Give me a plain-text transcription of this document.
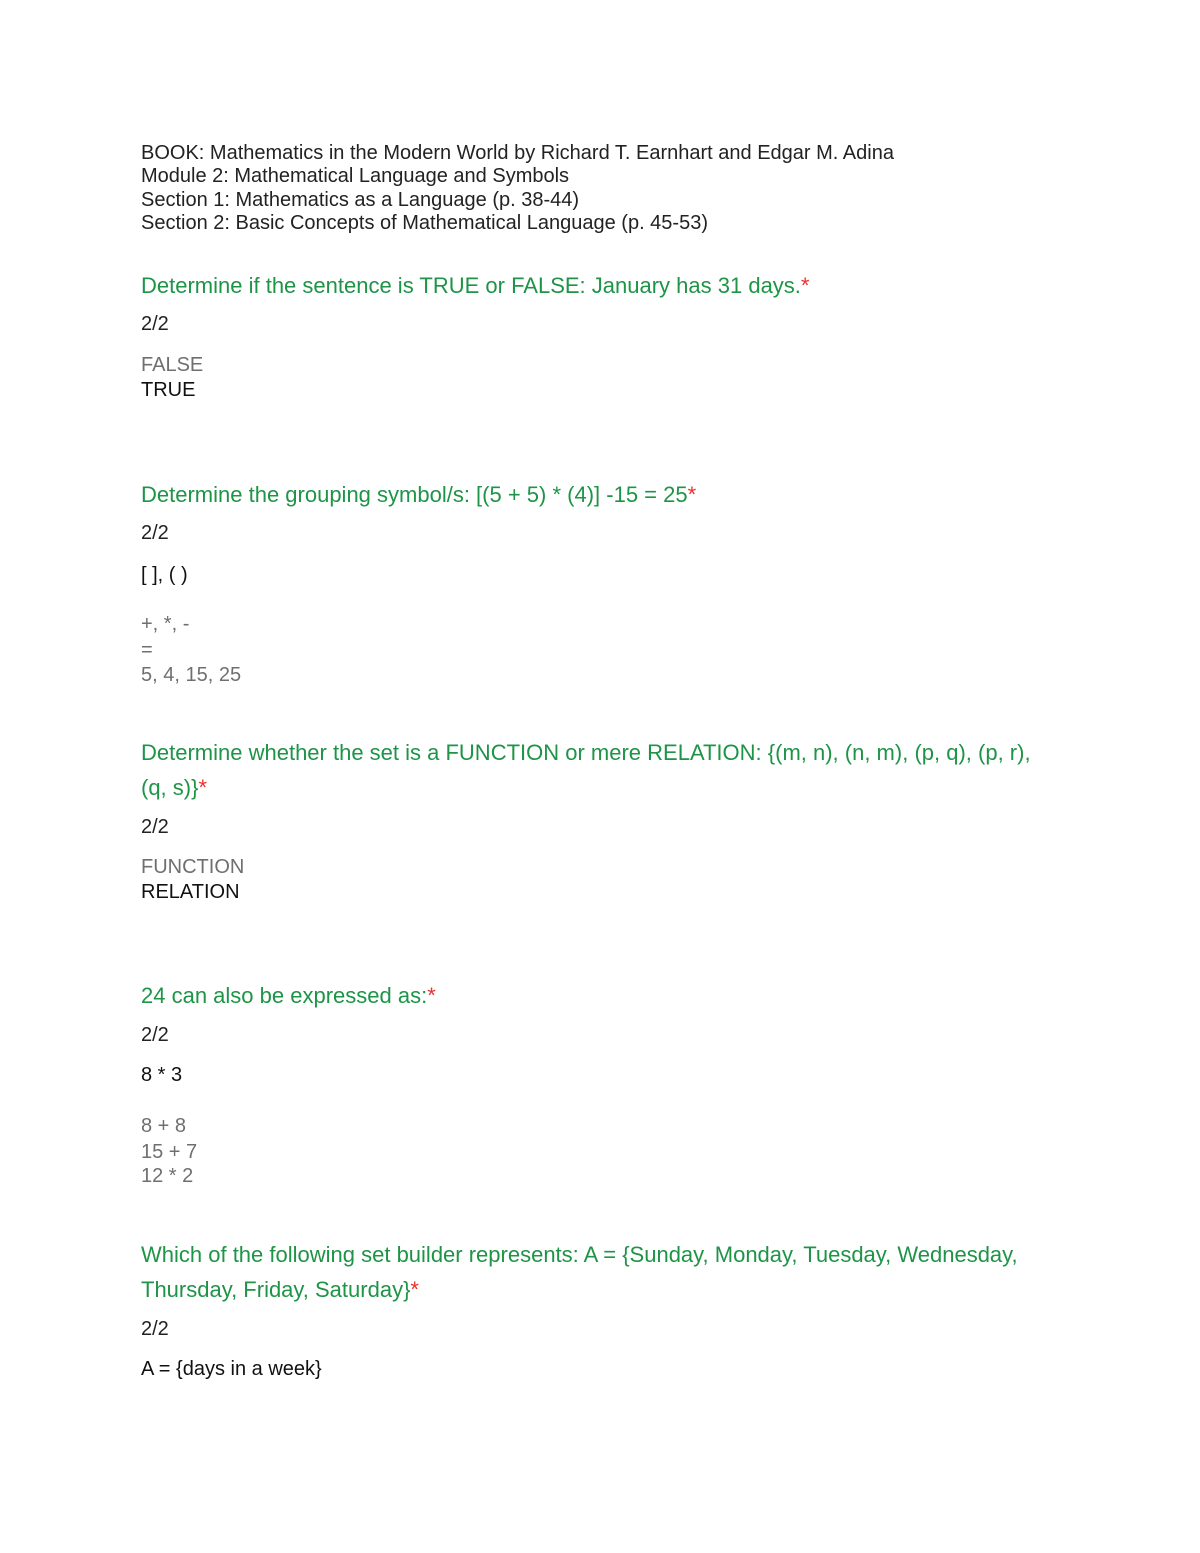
BOOK: Mathematics in the Modern World by Richard T. Earnhart and Edgar M. Adina
Module 2: Mathematical Language and Symbols
Section 1: Mathematics as a Language (p. 38-44)
Section 2: Basic Concepts of Mathematical Language (p. 45-53)
Determine if the sentence is TRUE or FALSE: January has 31 days.*
2/2
FALSE
TRUE
Determine the grouping symbol/s: [(5 + 5) * (4)] -15 = 25*
2/2
[ ], ( )
+, *, -
=
5, 4, 15, 25
Determine whether the set is a FUNCTION or mere RELATION: {(m, n), (n, m), (p, q), (p, r), (q, s)}*
2/2
FUNCTION
RELATION
24 can also be expressed as:*
2/2
8 * 3
8 + 8
15 + 7
12 * 2
Which of the following set builder represents: A = {Sunday, Monday, Tuesday, Wednesday, Thursday, Friday, Saturday}*
2/2
A = {days in a week}
